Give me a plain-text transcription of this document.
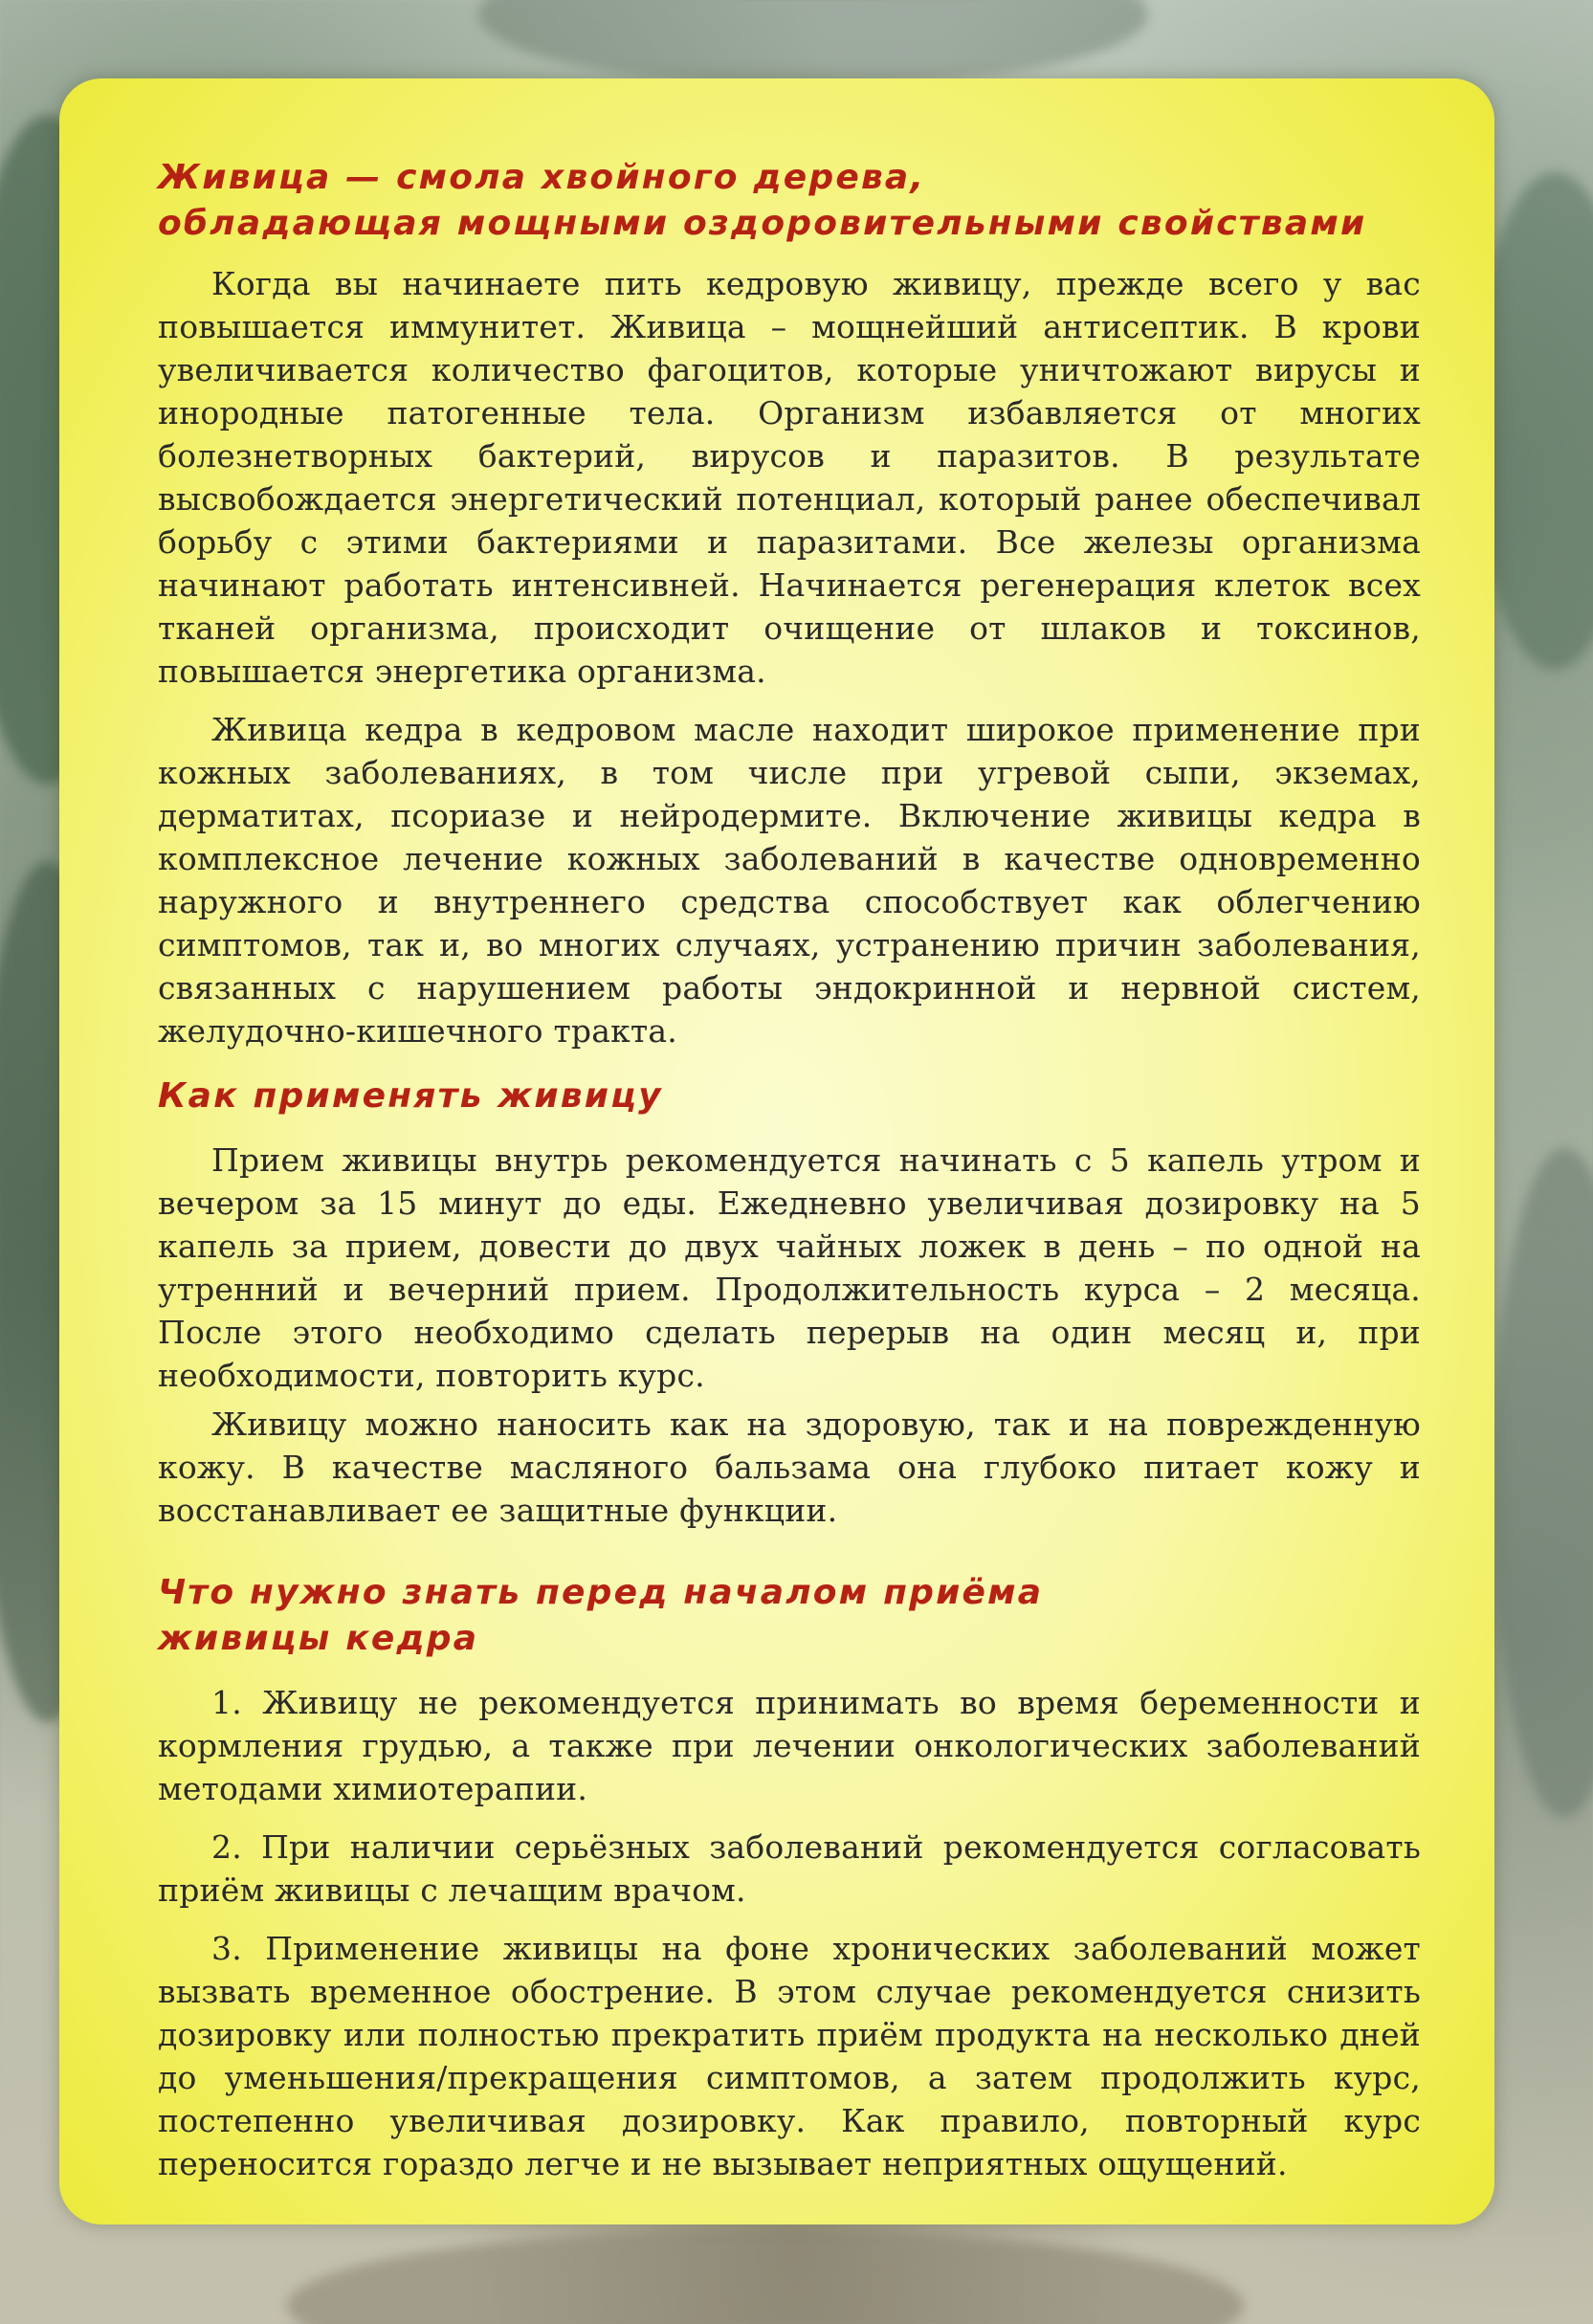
Живица — смола хвойного дерева,
обладающая мощными оздоровительными свойствами

Когда вы начинаете пить кедровую живицу, прежде всего у вас повышается иммунитет. Живица – мощнейший антисептик. В крови увеличивается количество фагоцитов, которые уничтожают вирусы и инородные патогенные тела. Организм избавляется от многих болезнетворных бактерий, вирусов и паразитов. В результате высвобождается энергетический потенциал, который ранее обеспечивал борьбу с этими бактериями и паразитами. Все железы организма начинают работать интенсивней. Начинается регенерация клеток всех тканей организма, происходит очищение от шлаков и токсинов, повышается энергетика организма.

Живица кедра в кедровом масле находит широкое применение при кожных заболеваниях, в том числе при угревой сыпи, экземах, дерматитах, псориазе и нейродермите. Включение живицы кедра в комплексное лечение кожных заболеваний в качестве одновременно наружного и внутреннего средства способствует как облегчению симптомов, так и, во многих случаях, устранению причин заболевания, связанных с нарушением работы эндокринной и нервной систем, желудочно-кишечного тракта.

Как применять живицу

Прием живицы внутрь рекомендуется начинать с 5 капель утром и вечером за 15 минут до еды. Ежедневно увеличивая дозировку на 5 капель за прием, довести до двух чайных ложек в день – по одной на утренний и вечерний прием. Продолжительность курса – 2 месяца. После этого необходимо сделать перерыв на один месяц и, при необходимости, повторить курс.

Живицу можно наносить как на здоровую, так и на поврежденную кожу. В качестве масляного бальзама она глубоко питает кожу и восстанавливает ее защитные функции.

Что нужно знать перед началом приёма
живицы кедра

1. Живицу не рекомендуется принимать во время беременности и кормления грудью, а также при лечении онкологических заболеваний методами химиотерапии.

2. При наличии серьёзных заболеваний рекомендуется согласовать приём живицы с лечащим врачом.

3. Применение живицы на фоне хронических заболеваний может вызвать временное обострение. В этом случае рекомендуется снизить дозировку или полностью прекратить приём продукта на несколько дней до уменьшения/прекращения симптомов, а затем продолжить курс, постепенно увеличивая дозировку. Как правило, повторный курс переносится гораздо легче и не вызывает неприятных ощущений.
